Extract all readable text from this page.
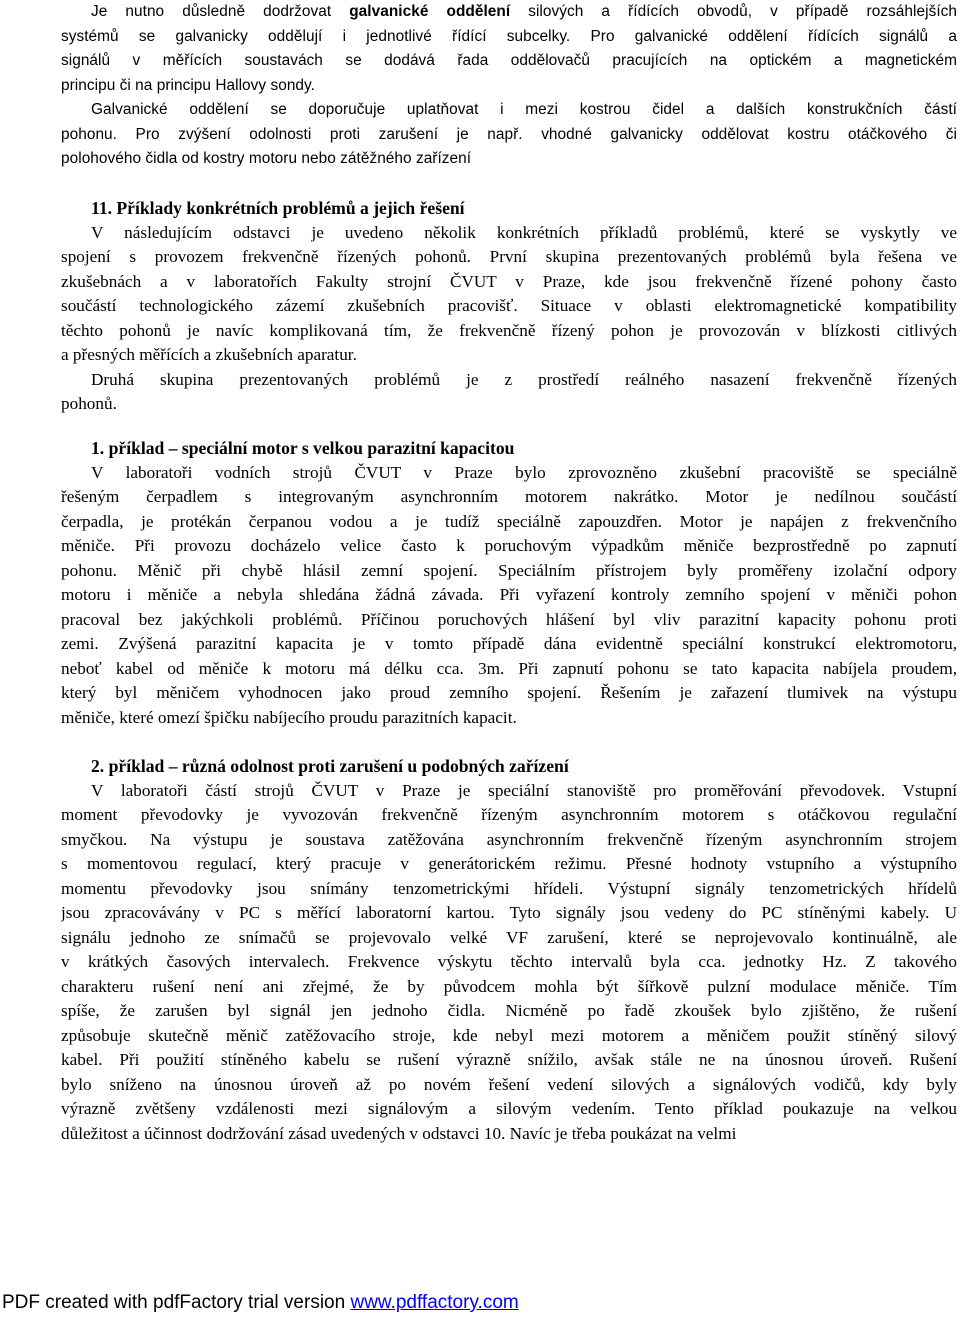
Je nutno důsledně dodržovat galvanické oddělení silových a řídících obvodů, v případě rozsáhlejších
systémů se galvanicky oddělují i jednotlivé řídící subcelky. Pro galvanické oddělení řídících signálů a
signálů v měřících soustavách se dodává řada oddělovačů pracujících na optickém a magnetickém
principu či na principu Hallovy sondy.
Galvanické oddělení se doporučuje uplatňovat i mezi kostrou čidel a dalších konstrukčních částí
pohonu. Pro zvýšení odolnosti proti zarušení je např. vhodné galvanicky oddělovat kostru otáčkového či
polohového čidla od kostry motoru nebo zátěžného zařízení
11. Příklady konkrétních problémů a jejich řešení
V následujícím odstavci je uvedeno několik konkrétních příkladů problémů, které se vyskytly ve
spojení s provozem frekvenčně řízených pohonů. První skupina prezentovaných problémů byla řešena ve
zkušebnách a v laboratořích Fakulty strojní ČVUT v Praze, kde jsou frekvenčně řízené pohony často
součástí technologického zázemí zkušebních pracovišť. Situace v oblasti elektromagnetické kompatibility
těchto pohonů je navíc komplikovaná tím, že frekvenčně řízený pohon je provozován v blízkosti citlivých
a přesných měřících a zkušebních aparatur.
Druhá skupina prezentovaných problémů je z prostředí reálného nasazení frekvenčně řízených
pohonů.
1. příklad – speciální motor s velkou parazitní kapacitou
V laboratoři vodních strojů ČVUT v Praze bylo zprovozněno zkušební pracoviště se speciálně
řešeným čerpadlem s integrovaným asynchronním motorem nakrátko. Motor je nedílnou součástí
čerpadla, je protékán čerpanou vodou a je tudíž speciálně zapouzdřen. Motor je napájen z frekvenčního
měniče. Při provozu docházelo velice často k poruchovým výpadkům měniče bezprostředně po zapnutí
pohonu. Měnič při chybě hlásil zemní spojení. Speciálním přístrojem byly proměřeny izolační odpory
motoru i měniče a nebyla shledána žádná závada. Při vyřazení kontroly zemního spojení v měniči pohon
pracoval bez jakýchkoli problémů. Příčinou poruchových hlášení byl vliv parazitní kapacity pohonu proti
zemi. Zvýšená parazitní kapacita je v tomto případě dána evidentně speciální konstrukcí elektromotoru,
neboť kabel od měniče k motoru má délku cca. 3m. Při zapnutí pohonu se tato kapacita nabíjela proudem,
který byl měničem vyhodnocen jako proud zemního spojení. Řešením je zařazení tlumivek na výstupu
měniče, které omezí špičku nabíjecího proudu parazitních kapacit.
2. příklad – různá odolnost proti zarušení u podobných zařízení
V laboratoři částí strojů ČVUT v Praze je speciální stanoviště pro proměřování převodovek. Vstupní
moment převodovky je vyvozován frekvenčně řízeným asynchronním motorem s otáčkovou regulační
smyčkou. Na výstupu je soustava zatěžována asynchronním frekvenčně řízeným asynchronním strojem
s momentovou regulací, který pracuje v generátorickém režimu. Přesné hodnoty vstupního a výstupního
momentu převodovky jsou snímány tenzometrickými hřídeli. Výstupní signály tenzometrických hřídelů
jsou zpracovávány v PC s měřící laboratorní kartou. Tyto signály jsou vedeny do PC stíněnými kabely. U
signálu jednoho ze snímačů se projevovalo velké VF zarušení, které se neprojevovalo kontinuálně, ale
v krátkých časových intervalech. Frekvence výskytu těchto intervalů byla cca. jednotky Hz. Z takového
charakteru rušení není ani zřejmé, že by původcem mohla být šířkově pulzní modulace měniče. Tím
spíše, že zarušen byl signál jen jednoho čidla. Nicméně po řadě zkoušek bylo zjištěno, že rušení
způsobuje skutečně měnič zatěžovacího stroje, kde nebyl mezi motorem a měničem použit stíněný silový
kabel. Při použití stíněného kabelu se rušení výrazně snížilo, avšak stále ne na únosnou úroveň. Rušení
bylo sníženo na únosnou úroveň až po novém řešení vedení silových a signálových vodičů, kdy byly
výrazně zvětšeny vzdálenosti mezi signálovým a silovým vedením. Tento příklad poukazuje na velkou
důležitost a účinnost dodržování zásad uvedených v odstavci 10. Navíc je třeba poukázat na velmi
PDF created with pdfFactory trial version www.pdffactory.com
